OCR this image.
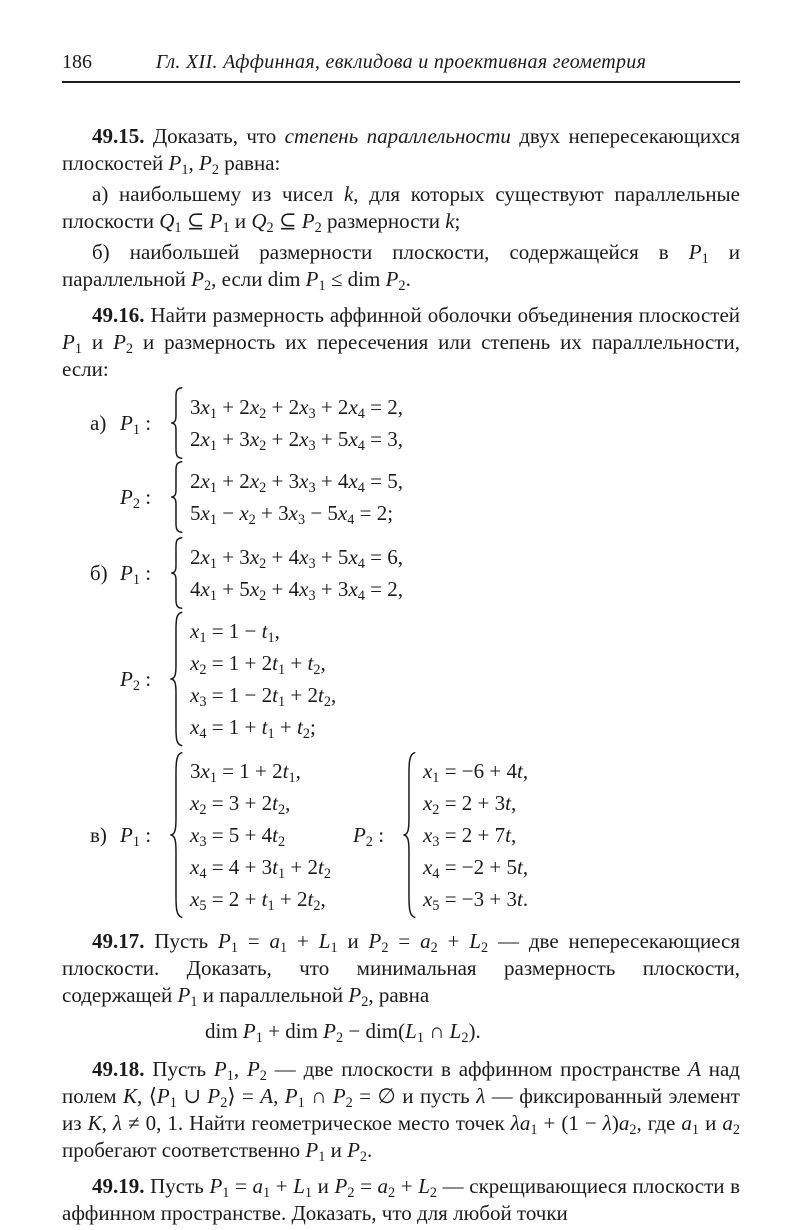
186	Гл. XII. Аффинная, евклидова и проективная геометрия

49.15. Доказать, что степень параллельности двух непересекающихся плоскостей $P_1$, $P_2$ равна:

а) наибольшему из чисел k, для которых существуют параллельные плоскости $Q_1$ ⊆ $P_1$ и $Q_2$ ⊆ $P_2$ размерности k;

б) наибольшей размерности плоскости, содержащейся в $P_1$ и параллельной $P_2$, если dim $P_1$ ≤ dim $P_2$.

49.16. Найти размерность аффинной оболочки объединения плоскостей $P_1$ и $P_2$ и размерность их пересечения или степень их параллельности, если:

а) $P_1$ :
$3x_1 + 2x_2 + 2x_3 + 2x_4 = 2$,
$2x_1 + 3x_2 + 2x_3 + 5x_4 = 3$,
$P_2$ :
$2x_1 + 2x_2 + 3x_3 + 4x_4 = 5$,
$5x_1 - x_2 + 3x_3 - 5x_4 = 2$;
б) $P_1$ :
$2x_1 + 3x_2 + 4x_3 + 5x_4 = 6$,
$4x_1 + 5x_2 + 4x_3 + 3x_4 = 2$,
$P_2$ :
$x_1 = 1 - t_1$,
$x_2 = 1 + 2t_1 + t_2$,
$x_3 = 1 - 2t_1 + 2t_2$,
$x_4 = 1 + t_1 + t_2$;
в) $P_1$ :
$3x_1 = 1 + 2t_1$,
$x_2 = 3 + 2t_2$,
$x_3 = 5 + 4t_2$
$x_4 = 4 + 3t_1 + 2t_2$
$x_5 = 2 + t_1 + 2t_2$,
$P_2$ :
$x_1 = -6 + 4t$,
$x_2 = 2 + 3t$,
$x_3 = 2 + 7t$,
$x_4 = -2 + 5t$,
$x_5 = -3 + 3t$.

49.17. Пусть $P_1 = a_1 + L_1$ и $P_2 = a_2 + L_2$ — две непересекающиеся плоскости. Доказать, что минимальная размерность плоскости, содержащей $P_1$ и параллельной $P_2$, равна

dim $P_1$ + dim $P_2 - dim(L_1$ ∩ $L_2$).

49.18. Пусть $P_1$, $P_2$ — две плоскости в аффинном пространстве A над полем K, $⟨P_1$ ∪ $P_2⟩ = A$, $P_1$ ∩ $P_2$ = ∅ и пусть λ — фиксированный элемент из K, λ ≠ 0, 1. Найти геометрическое место точек $\lambda a_1 + (1 - \lambda)a_2$, где $a_1$ и $a_2$ пробегают соответственно $P_1$ и $P_2$.

49.19. Пусть $P_1 = a_1 + L_1$ и $P_2 = a_2 + L_2$ — скрещивающиеся плоскости в аффинном пространстве. Доказать, что для любой точки
